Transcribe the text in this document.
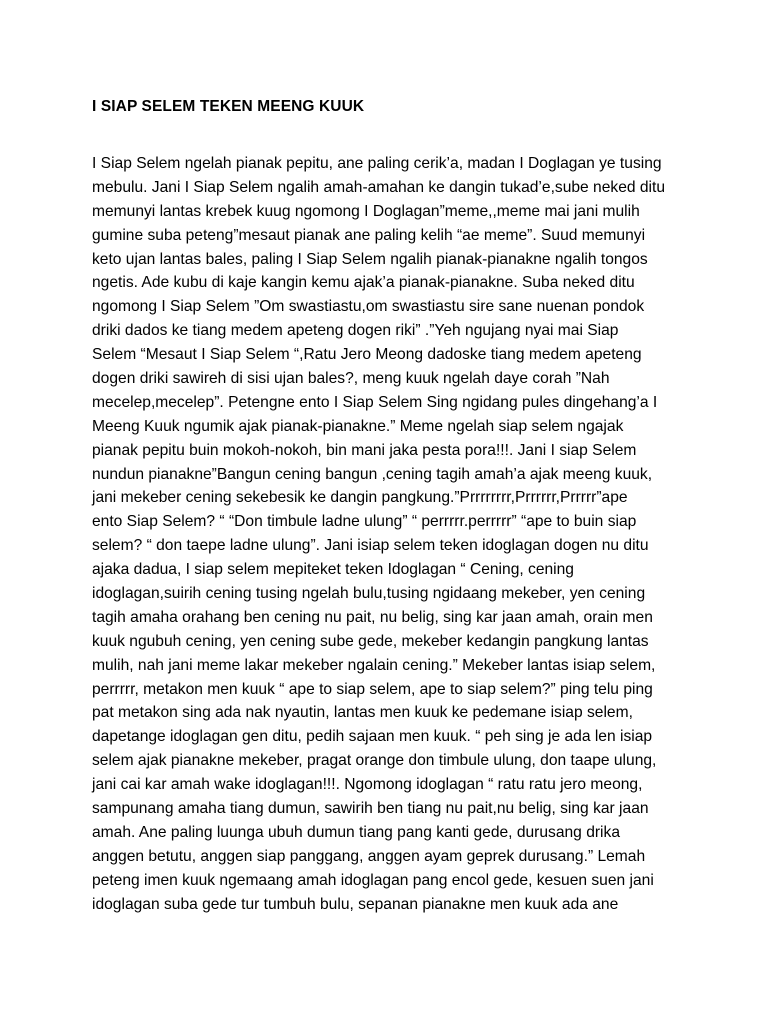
I SIAP SELEM TEKEN MEENG KUUK
I Siap Selem ngelah pianak pepitu, ane paling cerik’a, madan I Doglagan ye tusing
mebulu. Jani I Siap Selem ngalih amah-amahan ke dangin tukad’e,sube neked ditu
memunyi lantas krebek kuug ngomong I Doglagan”meme,,meme mai jani mulih
gumine suba peteng”mesaut pianak ane paling kelih “ae meme”. Suud memunyi
keto ujan lantas bales, paling I Siap Selem ngalih pianak-pianakne ngalih tongos
ngetis. Ade kubu di kaje kangin kemu ajak’a pianak-pianakne. Suba neked ditu
ngomong I Siap Selem ”Om swastiastu,om swastiastu sire sane nuenan pondok
driki dados ke tiang medem apeteng dogen riki” .”Yeh ngujang nyai mai Siap
Selem “Mesaut I Siap Selem “,Ratu Jero Meong dadoske tiang medem apeteng
dogen driki sawireh di sisi ujan bales?, meng kuuk ngelah daye corah ”Nah
mecelep,mecelep”. Petengne ento I Siap Selem Sing ngidang pules dingehang’a I
Meeng Kuuk ngumik ajak pianak-pianakne.” Meme ngelah siap selem ngajak
pianak pepitu buin mokoh-nokoh, bin mani jaka pesta pora!!!. Jani I siap Selem
nundun pianakne”Bangun cening bangun ,cening tagih amah’a ajak meeng kuuk,
jani mekeber cening sekebesik ke dangin pangkung.”Prrrrrrrr,Prrrrrr,Prrrrr”ape
ento Siap Selem? “ “Don timbule ladne ulung” “ perrrrr.perrrrr” “ape to buin siap
selem? “ don taepe ladne ulung”. Jani isiap selem teken idoglagan dogen nu ditu
ajaka dadua, I siap selem mepiteket teken Idoglagan “ Cening, cening
idoglagan,suirih cening tusing ngelah bulu,tusing ngidaang mekeber, yen cening
tagih amaha orahang ben cening nu pait, nu belig, sing kar jaan amah, orain men
kuuk ngubuh cening, yen cening sube gede, mekeber kedangin pangkung lantas
mulih, nah jani meme lakar mekeber ngalain cening.” Mekeber lantas isiap selem,
perrrrr, metakon men kuuk “ ape to siap selem, ape to siap selem?” ping telu ping
pat metakon sing ada nak nyautin, lantas men kuuk ke pedemane isiap selem,
dapetange idoglagan gen ditu, pedih sajaan men kuuk. “ peh sing je ada len isiap
selem ajak pianakne mekeber, pragat orange don timbule ulung, don taape ulung,
jani cai kar amah wake idoglagan!!!. Ngomong idoglagan “ ratu ratu jero meong,
sampunang amaha tiang dumun, sawirih ben tiang nu pait,nu belig, sing kar jaan
amah. Ane paling luunga ubuh dumun tiang pang kanti gede, durusang drika
anggen betutu, anggen siap panggang, anggen ayam geprek durusang.” Lemah
peteng imen kuuk ngemaang amah idoglagan pang encol gede, kesuen suen jani
idoglagan suba gede tur tumbuh bulu, sepanan pianakne men kuuk ada ane
